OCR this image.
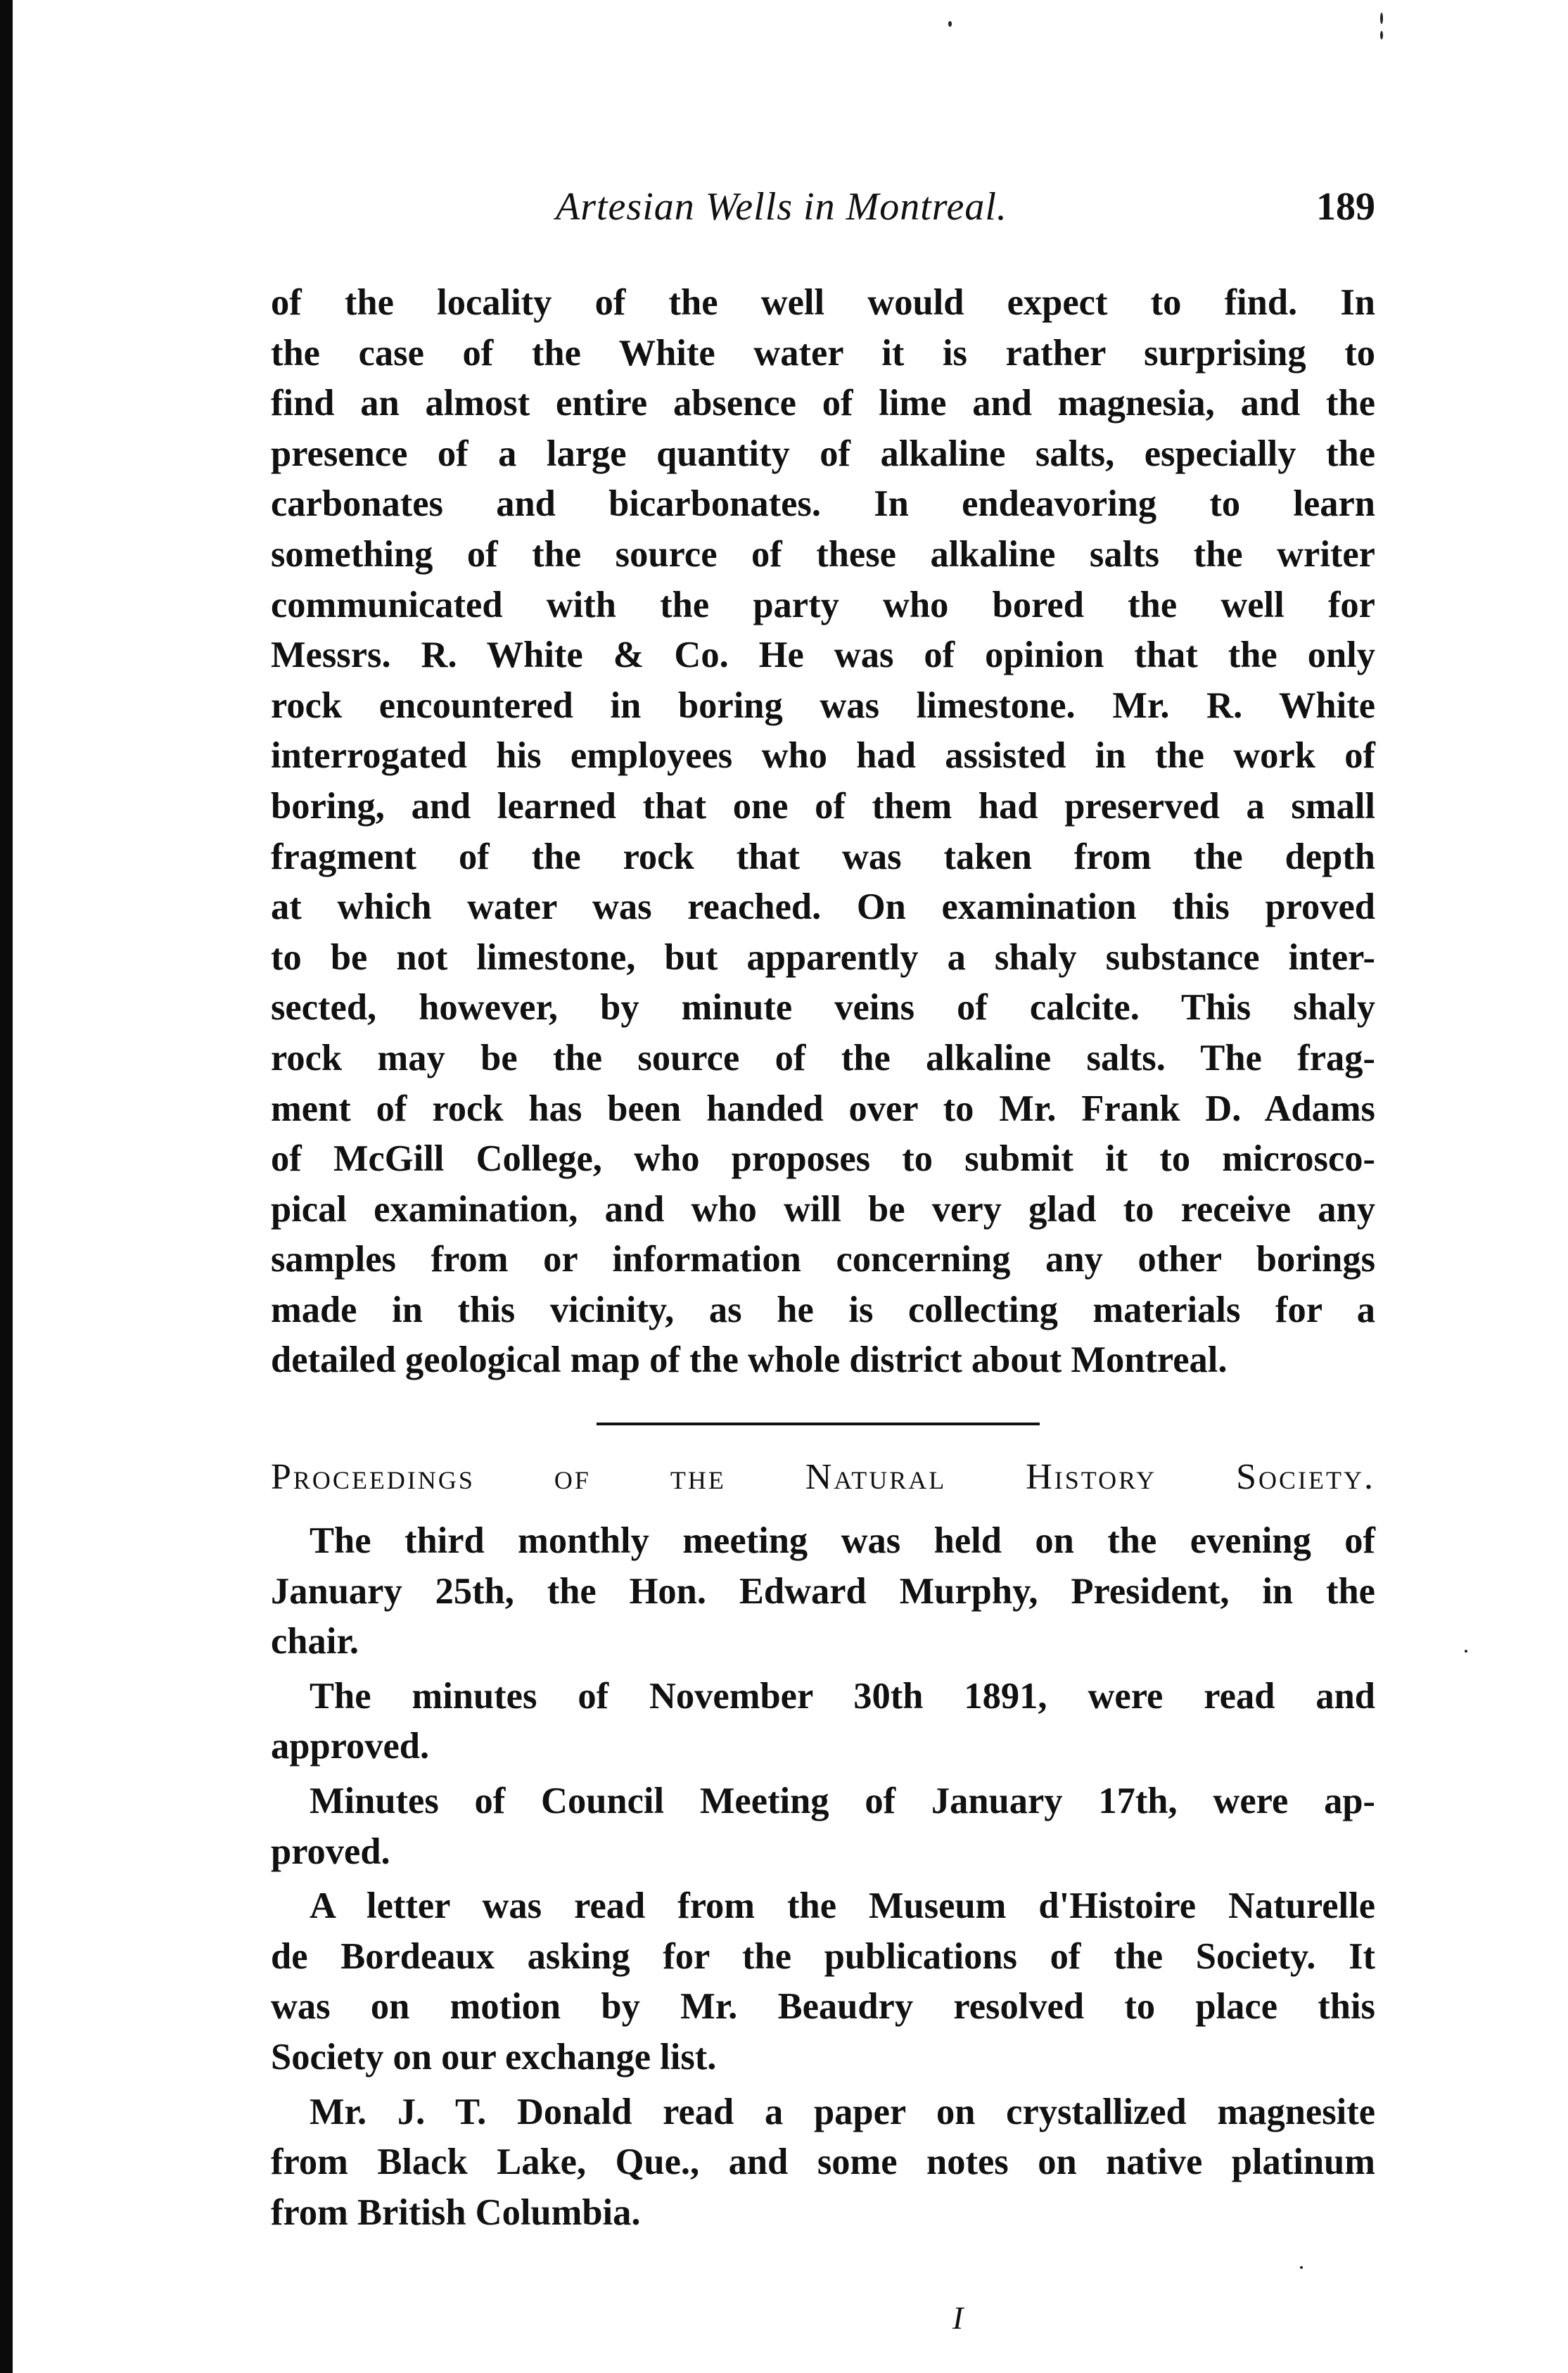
Artesian Wells in Montreal.	189
of the locality of the well would expect to find. In
the case of the White water it is rather surprising to
find an almost entire absence of lime and magnesia, and the
presence of a large quantity of alkaline salts, especially the
carbonates and bicarbonates. In endeavoring to learn
something of the source of these alkaline salts the writer
communicated with the party who bored the well for
Messrs. R. White & Co. He was of opinion that the only
rock encountered in boring was limestone. Mr. R. White
interrogated his employees who had assisted in the work of
boring, and learned that one of them had preserved a small
fragment of the rock that was taken from the depth
at which water was reached. On examination this proved
to be not limestone, but apparently a shaly substance inter-
sected, however, by minute veins of calcite. This shaly
rock may be the source of the alkaline salts. The frag-
ment of rock has been handed over to Mr. Frank D. Adams
of McGill College, who proposes to submit it to microsco-
pical examination, and who will be very glad to receive any
samples from or information concerning any other borings
made in this vicinity, as he is collecting materials for a
detailed geological map of the whole district about Montreal.
Proceedings of the Natural History Society.
The third monthly meeting was held on the evening of
January 25th, the Hon. Edward Murphy, President, in the
chair.
The minutes of November 30th 1891, were read and
approved.
Minutes of Council Meeting of January 17th, were ap-
proved.
A letter was read from the Museum d'Histoire Naturelle
de Bordeaux asking for the publications of the Society. It
was on motion by Mr. Beaudry resolved to place this
Society on our exchange list.
Mr. J. T. Donald read a paper on crystallized magnesite
from Black Lake, Que., and some notes on native platinum
from British Columbia.
I
